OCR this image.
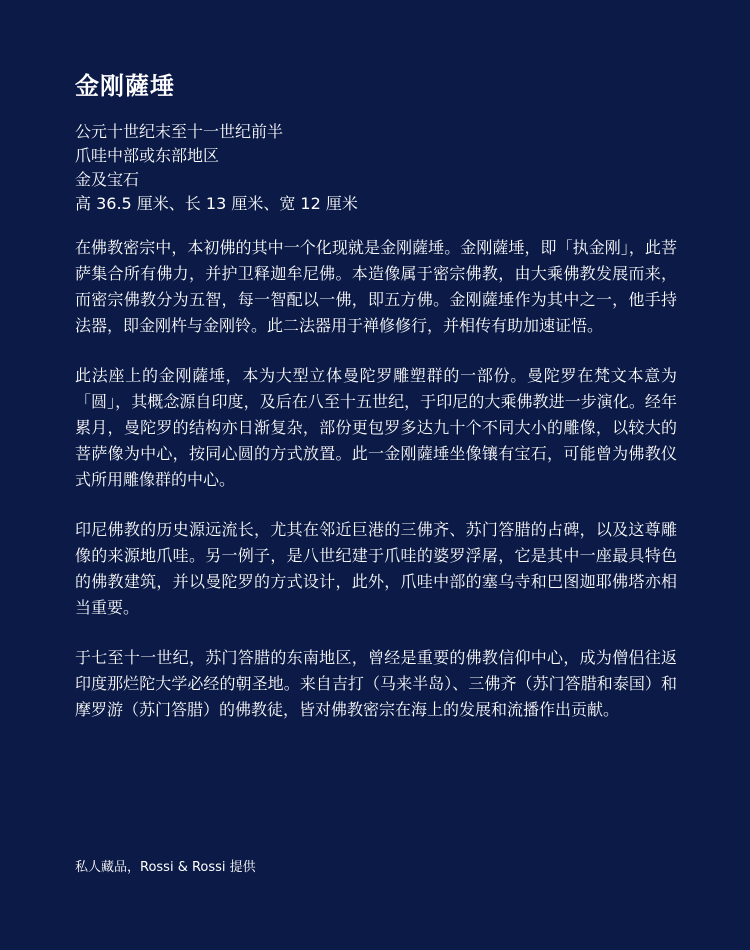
金刚薩埵
公元十世纪末至十一世纪前半
爪哇中部或东部地区
金及宝石
高 36.5 厘米、长 13 厘米、宽 12 厘米

在佛教密宗中，本初佛的其中一个化现就是金刚薩埵。金刚薩埵，即「执金刚」，此菩萨集合所有佛力，并护卫释迦牟尼佛。本造像属于密宗佛教，由大乘佛教发展而来，而密宗佛教分为五智，每一智配以一佛，即五方佛。金刚薩埵作为其中之一，他手持法器，即金刚杵与金刚铃。此二法器用于禅修修行，并相传有助加速证悟。

此法座上的金刚薩埵，本为大型立体曼陀罗雕塑群的一部份。曼陀罗在梵文本意为「圆」，其概念源自印度，及后在八至十五世纪，于印尼的大乘佛教进一步演化。经年累月，曼陀罗的结构亦日渐复杂，部份更包罗多达九十个不同大小的雕像，以较大的菩萨像为中心，按同心圆的方式放置。此一金刚薩埵坐像镶有宝石，可能曾为佛教仪式所用雕像群的中心。

印尼佛教的历史源远流长，尤其在邻近巨港的三佛齐、苏门答腊的占碑，以及这尊雕像的来源地爪哇。另一例子，是八世纪建于爪哇的婆罗浮屠，它是其中一座最具特色的佛教建筑，并以曼陀罗的方式设计，此外，爪哇中部的塞乌寺和巴图迦耶佛塔亦相当重要。

于七至十一世纪，苏门答腊的东南地区，曾经是重要的佛教信仰中心，成为僧侣往返印度那烂陀大学必经的朝圣地。来自吉打（马来半岛）、三佛齐（苏门答腊和泰国）和摩罗游（苏门答腊）的佛教徒，皆对佛教密宗在海上的发展和流播作出贡献。

私人藏品，Rossi & Rossi 提供
